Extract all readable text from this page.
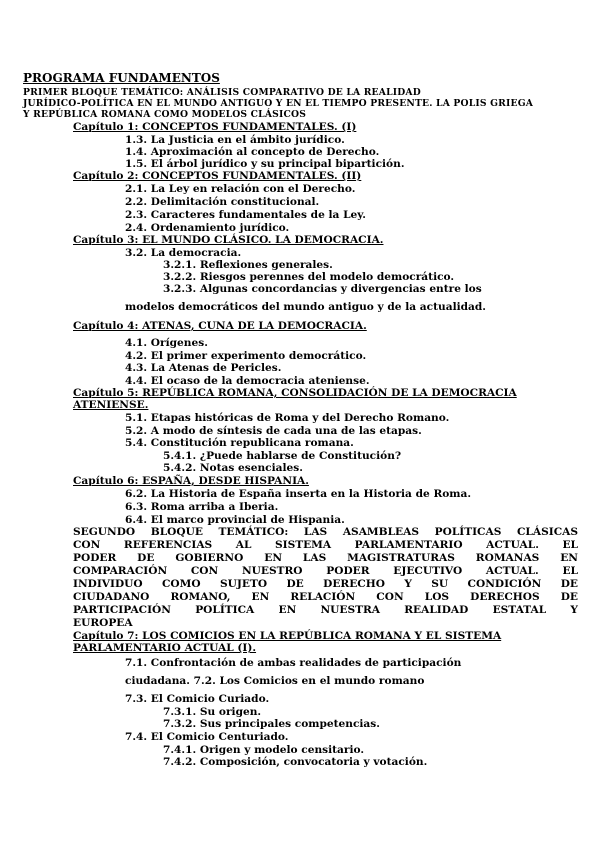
PROGRAMA FUNDAMENTOS
PRIMER BLOQUE TEMÁTICO: ANÁLISIS COMPARATIVO DE LA REALIDAD
JURÍDICO-POLÍTICA EN EL MUNDO ANTIGUO Y EN EL TIEMPO PRESENTE. LA POLIS GRIEGA
Y REPÚBLICA ROMANA COMO MODELOS CLÁSICOS
Capítulo 1: CONCEPTOS FUNDAMENTALES. (I)
1.3. La Justicia en el ámbito jurídico.
1.4. Aproximación al concepto de Derecho.
1.5. El árbol jurídico y su principal bipartición.
Capítulo 2: CONCEPTOS FUNDAMENTALES. (II)
2.1. La Ley en relación con el Derecho.
2.2. Delimitación constitucional.
2.3. Caracteres fundamentales de la Ley.
2.4. Ordenamiento jurídico.
Capítulo 3: EL MUNDO CLÁSICO. LA DEMOCRACIA.
3.2. La democracia.
3.2.1. Reflexiones generales.
3.2.2. Riesgos perennes del modelo democrático.
3.2.3. Algunas concordancias y divergencias entre los
modelos democráticos del mundo antiguo y de la actualidad.
Capítulo 4: ATENAS, CUNA DE LA DEMOCRACIA.
4.1. Orígenes.
4.2. El primer experimento democrático.
4.3. La Atenas de Pericles.
4.4. El ocaso de la democracia ateniense.
Capítulo 5: REPÚBLICA ROMANA, CONSOLIDACIÓN DE LA DEMOCRACIA
ATENIENSE.
5.1. Etapas históricas de Roma y del Derecho Romano.
5.2. A modo de síntesis de cada una de las etapas.
5.4. Constitución republicana romana.
5.4.1. ¿Puede hablarse de Constitución?
5.4.2. Notas esenciales.
Capítulo 6: ESPAÑA, DESDE HISPANIA.
6.2. La Historia de España inserta en la Historia de Roma.
6.3. Roma arriba a Iberia.
6.4. El marco provincial de Hispania.
SEGUNDO BLOQUE TEMÁTICO: LAS ASAMBLEAS POLÍTICAS CLÁSICAS
CON REFERENCIAS AL SISTEMA PARLAMENTARIO ACTUAL. EL
PODER DE GOBIERNO EN LAS MAGISTRATURAS ROMANAS EN
COMPARACIÓN CON NUESTRO PODER EJECUTIVO ACTUAL. EL
INDIVIDUO COMO SUJETO DE DERECHO Y SU CONDICIÓN DE
CIUDADANO ROMANO, EN RELACIÓN CON LOS DERECHOS DE
PARTICIPACIÓN POLÍTICA EN NUESTRA REALIDAD ESTATAL Y
EUROPEA
Capítulo 7: LOS COMICIOS EN LA REPÚBLICA ROMANA Y EL SISTEMA
PARLAMENTARIO ACTUAL (I).
7.1. Confrontación de ambas realidades de participación
ciudadana. 7.2. Los Comicios en el mundo romano
7.3. El Comicio Curiado.
7.3.1. Su origen.
7.3.2. Sus principales competencias.
7.4. El Comicio Centuriado.
7.4.1. Origen y modelo censitario.
7.4.2. Composición, convocatoria y votación.
